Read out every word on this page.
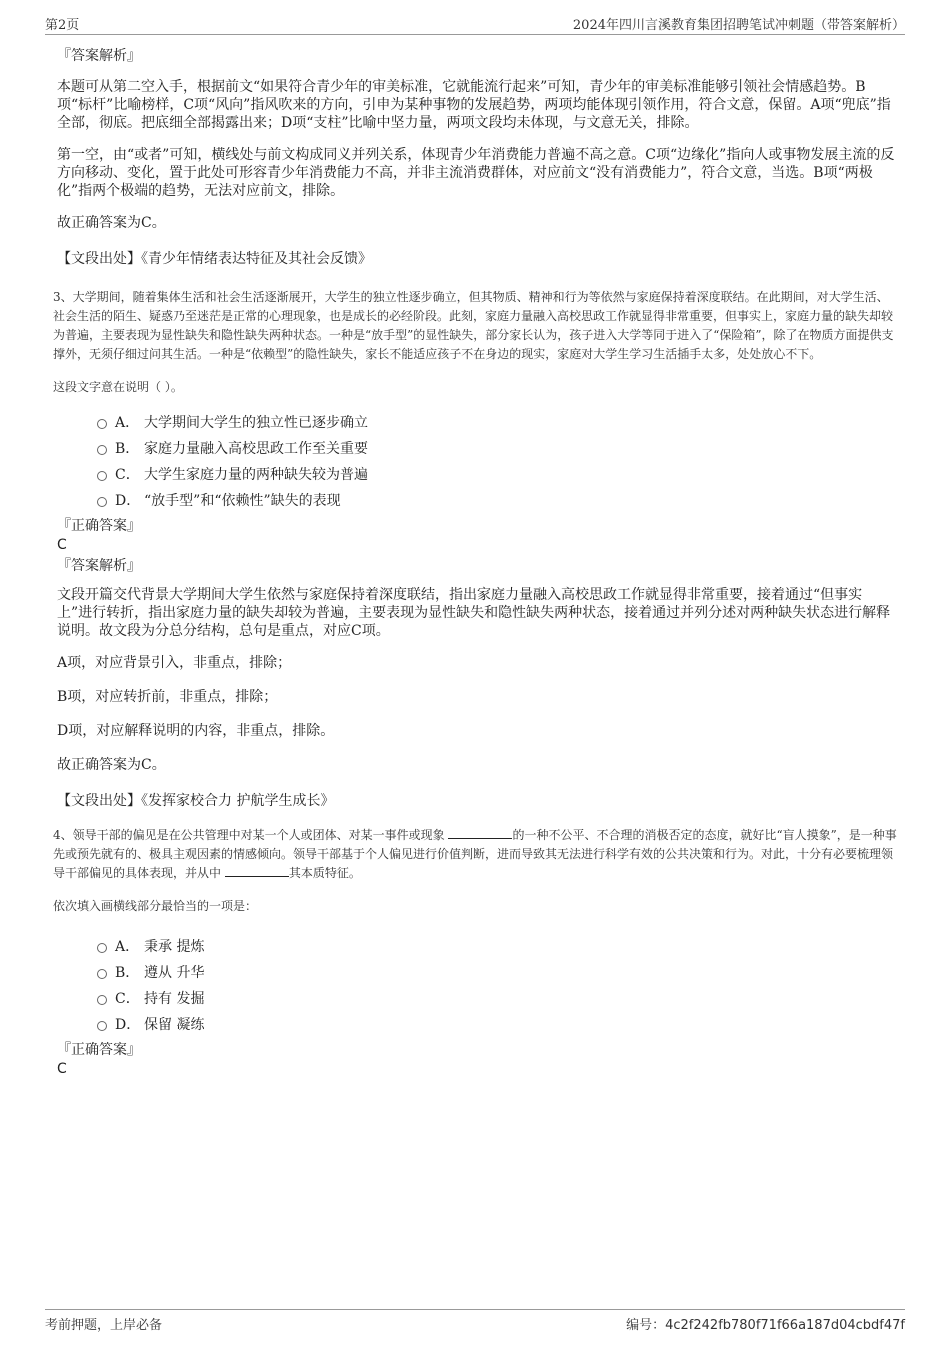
第2页	2024年四川言溪教育集团招聘笔试冲刺题（带答案解析）
『答案解析』

本题可从第二空入手，根据前文“如果符合青少年的审美标准，它就能流行起来”可知，青少年的审美标准能够引领社会情感趋势。B项“标杆”比喻榜样，C项“风向”指风吹来的方向，引申为某种事物的发展趋势，两项均能体现引领作用，符合文意，保留。A项“兜底”指全部，彻底。把底细全部揭露出来；D项“支柱”比喻中坚力量，两项文段均未体现，与文意无关，排除。

第一空，由“或者”可知，横线处与前文构成同义并列关系，体现青少年消费能力普遍不高之意。C项“边缘化”指向人或事物发展主流的反方向移动、变化，置于此处可形容青少年消费能力不高，并非主流消费群体，对应前文“没有消费能力”，符合文意，当选。B项“两极化”指两个极端的趋势，无法对应前文，排除。

故正确答案为C。

【文段出处】《青少年情绪表达特征及其社会反馈》

3、大学期间，随着集体生活和社会生活逐渐展开，大学生的独立性逐步确立，但其物质、精神和行为等依然与家庭保持着深度联结。在此期间，对大学生活、社会生活的陌生、疑惑乃至迷茫是正常的心理现象，也是成长的必经阶段。此刻，家庭力量融入高校思政工作就显得非常重要，但事实上，家庭力量的缺失却较为普遍，主要表现为显性缺失和隐性缺失两种状态。一种是“放手型”的显性缺失，部分家长认为，孩子进入大学等同于进入了“保险箱”，除了在物质方面提供支撑外，无须仔细过问其生活。一种是“依赖型”的隐性缺失，家长不能适应孩子不在身边的现实，家庭对大学生学习生活插手太多，处处放心不下。

这段文字意在说明（ ）。

A． 大学期间大学生的独立性已逐步确立
B． 家庭力量融入高校思政工作至关重要
C． 大学生家庭力量的两种缺失较为普遍
D． “放手型”和“依赖性”缺失的表现
『正确答案』
C
『答案解析』

文段开篇交代背景大学期间大学生依然与家庭保持着深度联结，指出家庭力量融入高校思政工作就显得非常重要，接着通过“但事实上”进行转折，指出家庭力量的缺失却较为普遍，主要表现为显性缺失和隐性缺失两种状态，接着通过并列分述对两种缺失状态进行解释说明。故文段为分总分结构，总句是重点，对应C项。

A项，对应背景引入，非重点，排除；

B项，对应转折前，非重点，排除；

D项，对应解释说明的内容，非重点，排除。

故正确答案为C。

【文段出处】《发挥家校合力 护航学生成长》

4、领导干部的偏见是在公共管理中对某一个人或团体、对某一事件或现象	的一种不公平、不合理的消极否定的态度，就好比“盲人摸象”，是一种事先或预先就有的、极具主观因素的情感倾向。领导干部基于个人偏见进行价值判断，进而导致其无法进行科学有效的公共决策和行为。对此，十分有必要梳理领导干部偏见的具体表现，并从中	其本质特征。

依次填入画横线部分最恰当的一项是：

A． 秉承 提炼
B． 遵从 升华
C． 持有 发掘
D． 保留 凝练
『正确答案』
C
考前押题，上岸必备	编号：4c2f242fb780f71f66a187d04cbdf47f
